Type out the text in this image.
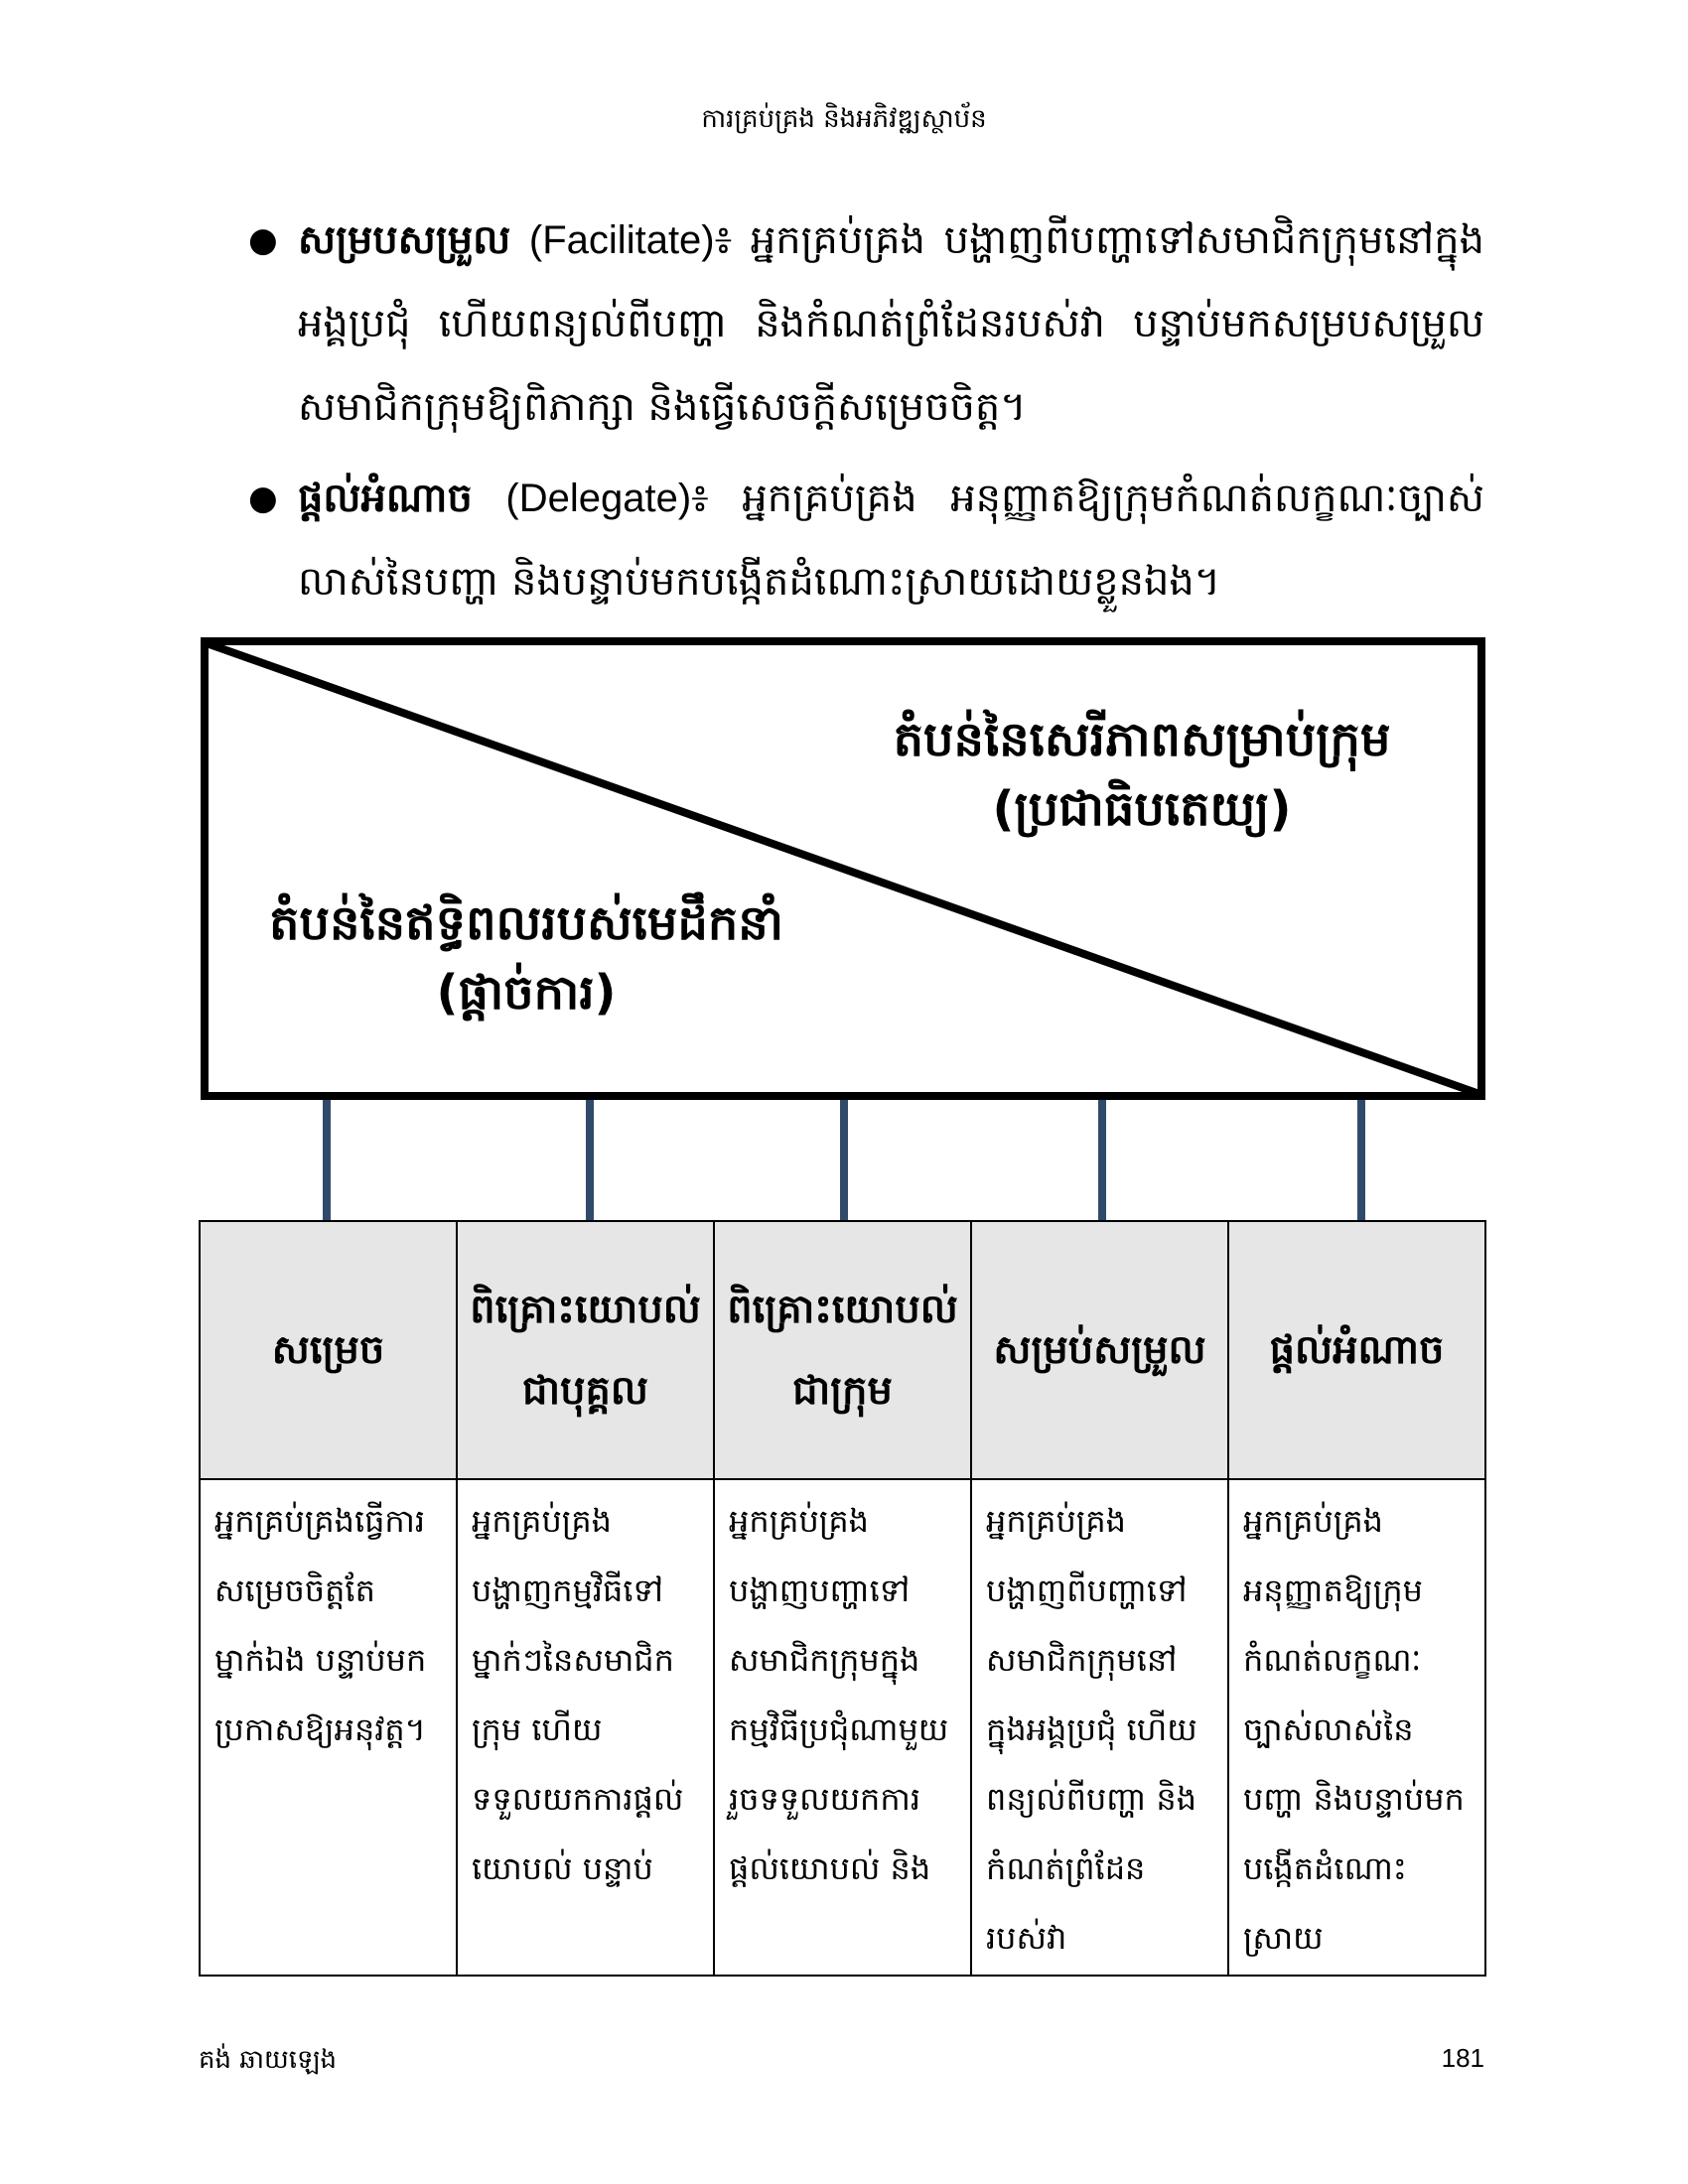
ការគ្រប់គ្រង និងអភិវឌ្ឍស្ថាប័ន
● សម្របសម្រួល (Facilitate)៖ អ្នកគ្រប់គ្រង បង្ហាញពីបញ្ហាទៅសមាជិកក្រុមនៅក្នុងអង្គប្រជុំ ហើយពន្យល់ពីបញ្ហា និងកំណត់ព្រំដែនរបស់វា បន្ទាប់មកសម្របសម្រួលសមាជិកក្រុមឱ្យពិភាក្សា និងធ្វើសេចក្ដីសម្រេចចិត្ត។
● ផ្ដល់អំណាច (Delegate)៖ អ្នកគ្រប់គ្រង អនុញ្ញាតឱ្យក្រុមកំណត់លក្ខណៈច្បាស់លាស់នៃបញ្ហា និងបន្ទាប់មកបង្កើតដំណោះស្រាយដោយខ្លួនឯង។
តំបន់នៃសេរីភាពសម្រាប់ក្រុម
(ប្រជាធិបតេយ្យ)
តំបន់នៃឥទ្ធិពលរបស់មេដឹកនាំ
(ផ្ដាច់ការ)
សម្រេច	ពិគ្រោះយោបល់ជាបុគ្គល	ពិគ្រោះយោបល់ជាក្រុម	សម្រប់សម្រួល	ផ្ដល់អំណាច
អ្នកគ្រប់គ្រងធ្វើការសម្រេចចិត្តតែម្នាក់ឯង បន្ទាប់មកប្រកាសឱ្យអនុវត្ត។	អ្នកគ្រប់គ្រង បង្ហាញកម្មវិធីទៅម្នាក់ៗនៃសមាជិកក្រុម ហើយទទួលយកការផ្ដល់យោបល់ បន្ទាប់	អ្នកគ្រប់គ្រង បង្ហាញបញ្ហាទៅសមាជិកក្រុមក្នុងកម្មវិធីប្រជុំណាមួយ រួចទទួលយកការផ្ដល់យោបល់ និង	អ្នកគ្រប់គ្រង បង្ហាញពីបញ្ហាទៅសមាជិកក្រុមនៅក្នុងអង្គប្រជុំ ហើយពន្យល់ពីបញ្ហា និងកំណត់ព្រំដែនរបស់វា	អ្នកគ្រប់គ្រង អនុញ្ញាតឱ្យក្រុមកំណត់លក្ខណៈច្បាស់លាស់នៃបញ្ហា និងបន្ទាប់មកបង្កើតដំណោះស្រាយ
គង់ ឆាយឡេង	181
